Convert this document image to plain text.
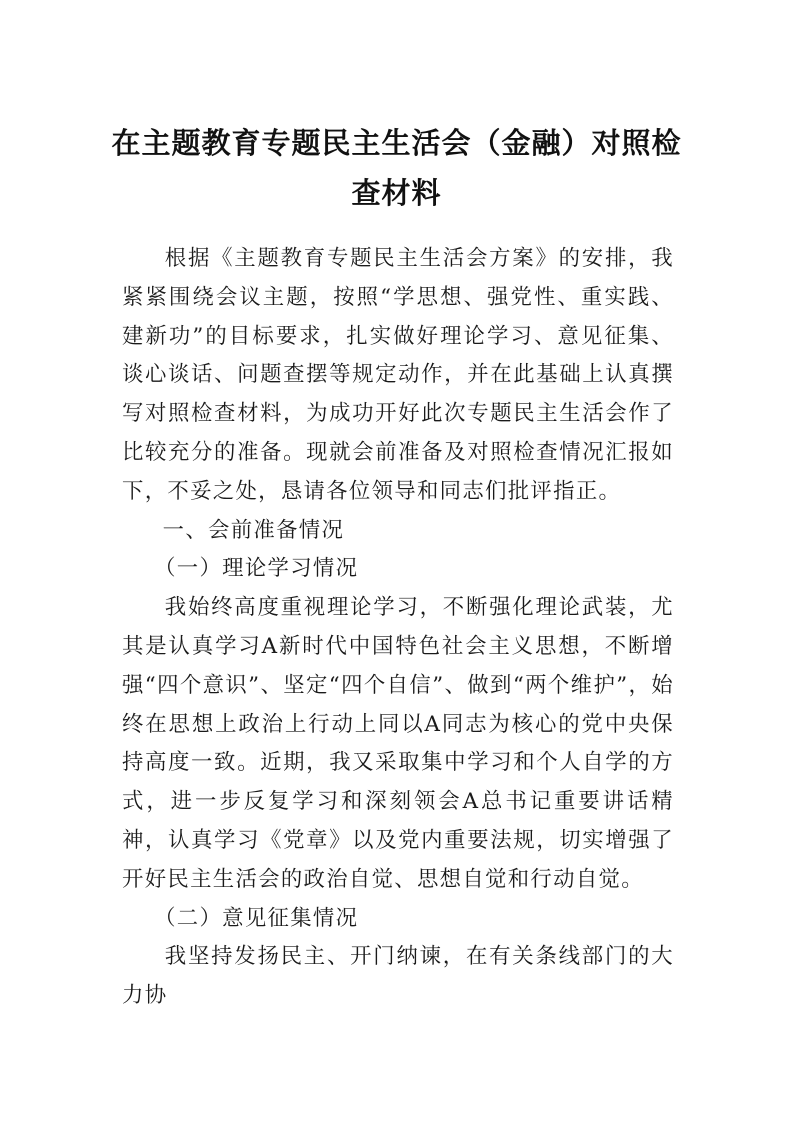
在主题教育专题民主生活会（金融）对照检
查材料

根据《主题教育专题民主生活会方案》的安排，我紧紧围绕会议主题，按照“学思想、强党性、重实践、建新功”的目标要求，扎实做好理论学习、意见征集、谈心谈话、问题查摆等规定动作，并在此基础上认真撰写对照检查材料，为成功开好此次专题民主生活会作了比较充分的准备。现就会前准备及对照检查情况汇报如下，不妥之处，恳请各位领导和同志们批评指正。

一、会前准备情况

（一）理论学习情况

我始终高度重视理论学习，不断强化理论武装，尤其是认真学习A新时代中国特色社会主义思想，不断增强“四个意识”、坚定“四个自信”、做到“两个维护”，始终在思想上政治上行动上同以A同志为核心的党中央保持高度一致。近期，我又采取集中学习和个人自学的方式，进一步反复学习和深刻领会A总书记重要讲话精神，认真学习《党章》以及党内重要法规，切实增强了开好民主生活会的政治自觉、思想自觉和行动自觉。

（二）意见征集情况

我坚持发扬民主、开门纳谏，在有关条线部门的大力协
